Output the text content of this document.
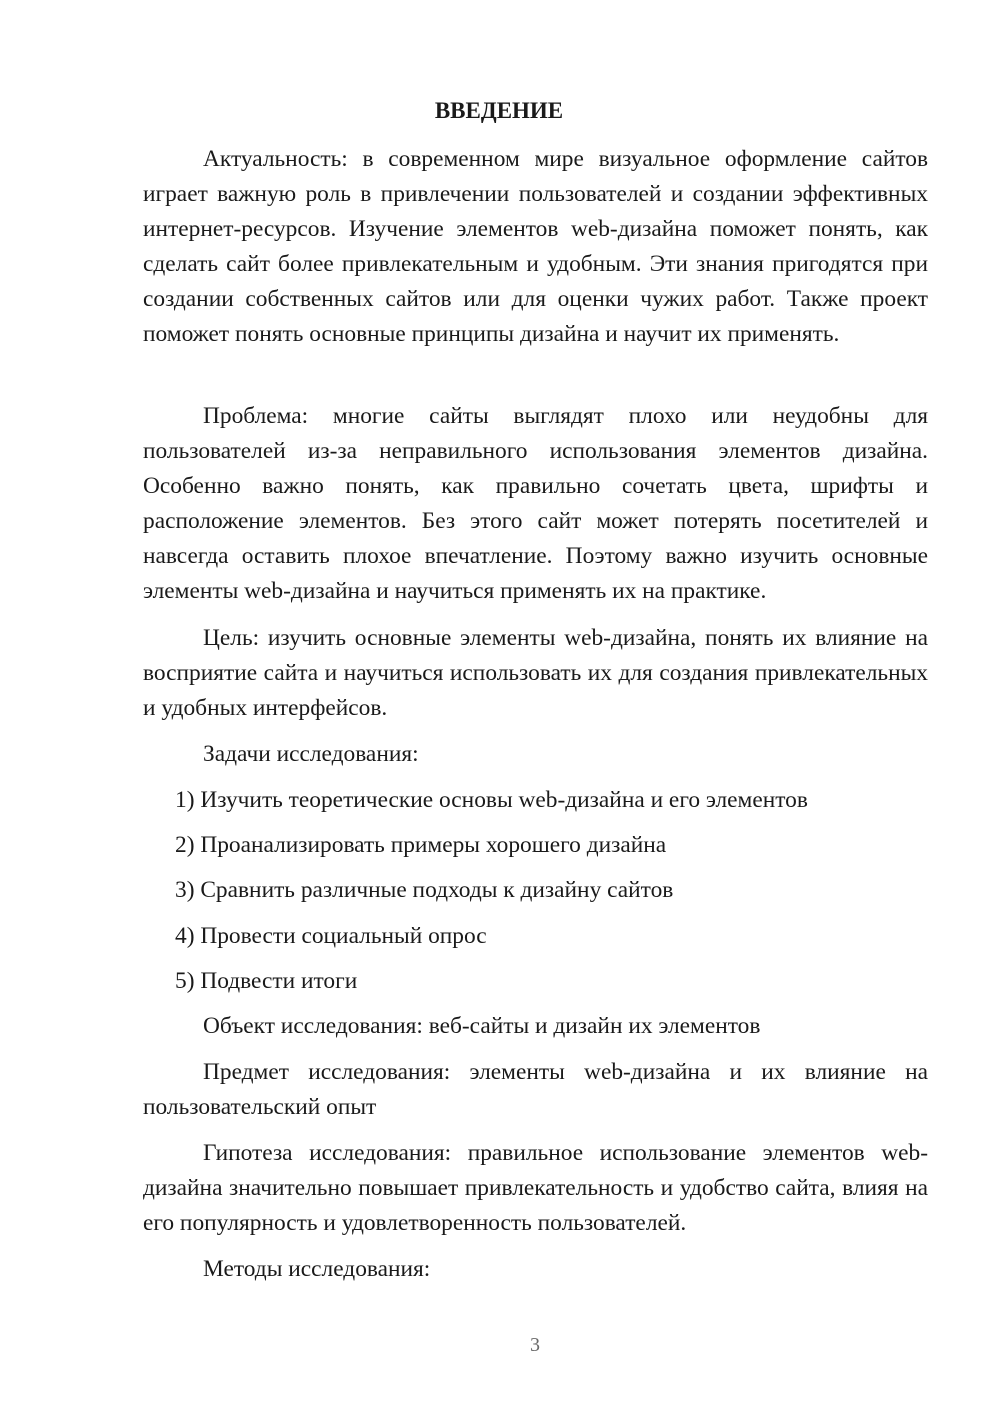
ВВЕДЕНИЕ

Актуальность: в современном мире визуальное оформление сайтов играет важную роль в привлечении пользователей и создании эффективных интернет-ресурсов. Изучение элементов web-дизайна поможет понять, как сделать сайт более привлекательным и удобным. Эти знания пригодятся при создании собственных сайтов или для оценки чужих работ. Также проект поможет понять основные принципы дизайна и научит их применять.

Проблема: многие сайты выглядят плохо или неудобны для пользователей из-за неправильного использования элементов дизайна. Особенно важно понять, как правильно сочетать цвета, шрифты и расположение элементов. Без этого сайт может потерять посетителей и навсегда оставить плохое впечатление. Поэтому важно изучить основные элементы web-дизайна и научиться применять их на практике.

Цель: изучить основные элементы web-дизайна, понять их влияние на восприятие сайта и научиться использовать их для создания привлекательных и удобных интерфейсов.

Задачи исследования:

1) Изучить теоретические основы web-дизайна и его элементов

2) Проанализировать примеры хорошего дизайна

3) Сравнить различные подходы к дизайну сайтов

4) Провести социальный опрос

5) Подвести итоги

Объект исследования: веб-сайты и дизайн их элементов

Предмет исследования: элементы web-дизайна и их влияние на пользовательский опыт

Гипотеза исследования: правильное использование элементов web-дизайна значительно повышает привлекательность и удобство сайта, влияя на его популярность и удовлетворенность пользователей.

Методы исследования:

3
